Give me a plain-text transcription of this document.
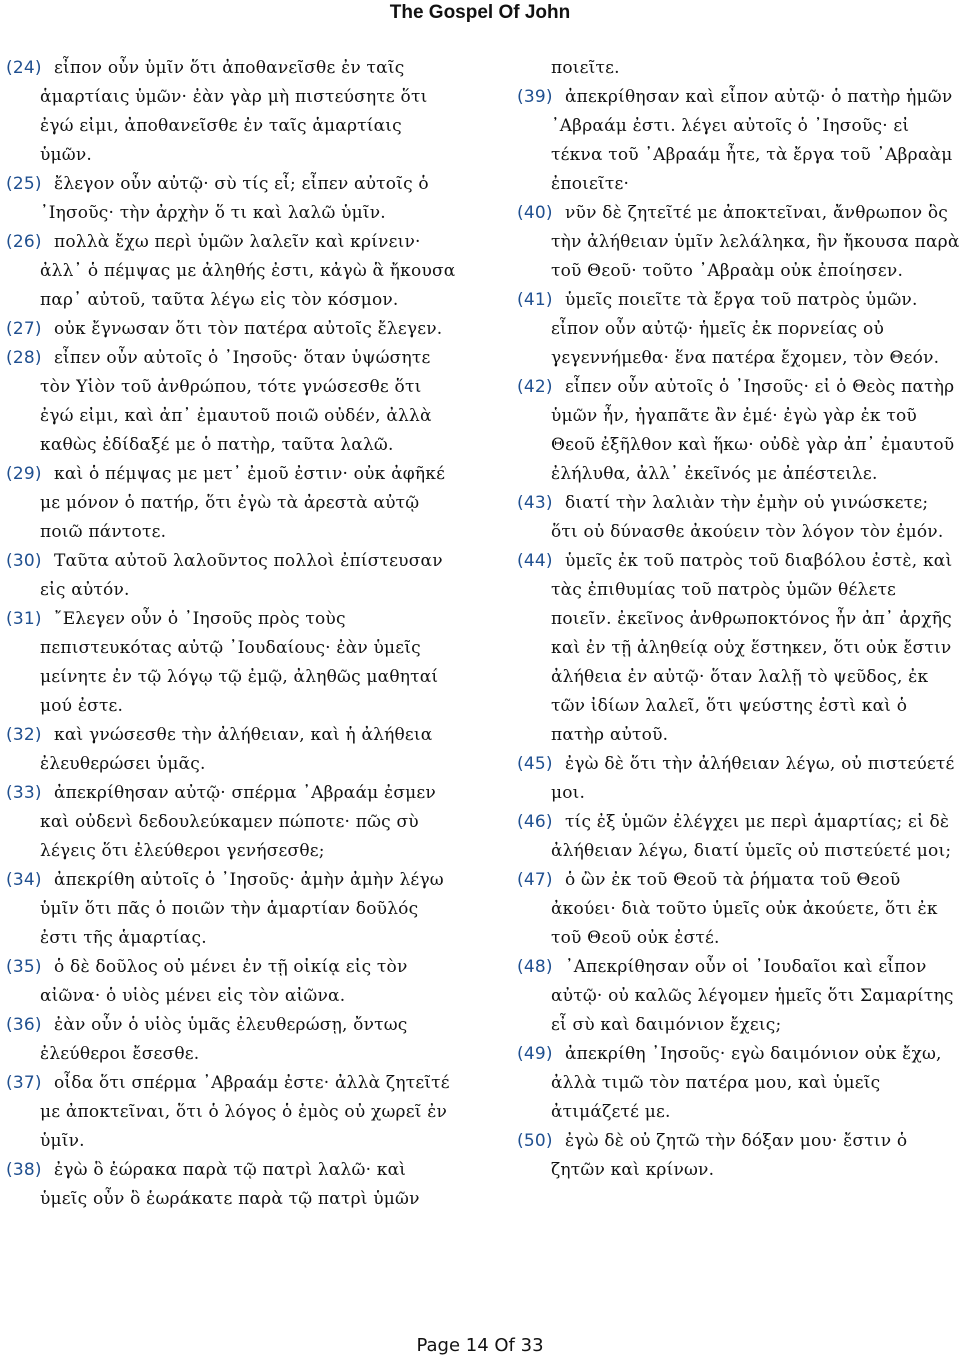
The Gospel Of John
(24) εἶπον οὖν ὑμῖν ὅτι ἀποθανεῖσθε ἐν ταῖς ἁμαρτίαις ὑμῶν· ἐὰν γὰρ μὴ πιστεύσητε ὅτι ἐγώ εἰμι, ἀποθανεῖσθε ἐν ταῖς ἁμαρτίαις ὑμῶν.
(25) ἔλεγον οὖν αὐτῷ· σὺ τίς εἶ; εἶπεν αὐτοῖς ὁ ᾿Ιησοῦς· τὴν ἀρχὴν ὅ τι καὶ λαλῶ ὑμῖν.
(26) πολλὰ ἔχω περὶ ὑμῶν λαλεῖν καὶ κρίνειν· ἀλλ᾿ ὁ πέμψας με ἀληθής ἐστι, κἀγὼ ἃ ἤκουσα παρ᾿ αὐτοῦ, ταῦτα λέγω εἰς τὸν κόσμον.
(27) οὐκ ἔγνωσαν ὅτι τὸν πατέρα αὐτοῖς ἔλεγεν.
(28) εἶπεν οὖν αὐτοῖς ὁ ᾿Ιησοῦς· ὅταν ὑψώσητε τὸν Υἱὸν τοῦ ἀνθρώπου, τότε γνώσεσθε ὅτι ἐγώ εἰμι, καὶ ἀπ᾿ ἐμαυτοῦ ποιῶ οὐδέν, ἀλλὰ καθὼς ἐδίδαξέ με ὁ πατὴρ, ταῦτα λαλῶ.
(29) καὶ ὁ πέμψας με μετ᾿ ἐμοῦ ἐστιν· οὐκ ἀφῆκέ με μόνον ὁ πατήρ, ὅτι ἐγὼ τὰ ἀρεστὰ αὐτῷ ποιῶ πάντοτε.
(30) Ταῦτα αὐτοῦ λαλοῦντος πολλοὶ ἐπίστευσαν εἰς αὐτόν.
(31) ῎Ελεγεν οὖν ὁ ᾿Ιησοῦς πρὸς τοὺς πεπιστευκότας αὐτῷ ᾿Ιουδαίους· ἐὰν ὑμεῖς μείνητε ἐν τῷ λόγῳ τῷ ἐμῷ, ἀληθῶς μαθηταί μού ἐστε.
(32) καὶ γνώσεσθε τὴν ἀλήθειαν, καὶ ἡ ἀλήθεια ἐλευθερώσει ὑμᾶς.
(33) ἀπεκρίθησαν αὐτῷ· σπέρμα ᾿Αβραάμ ἐσμεν καὶ οὐδενὶ δεδουλεύκαμεν πώποτε· πῶς σὺ λέγεις ὅτι ἐλεύθεροι γενήσεσθε;
(34) ἀπεκρίθη αὐτοῖς ὁ ᾿Ιησοῦς· ἀμὴν ἀμὴν λέγω ὑμῖν ὅτι πᾶς ὁ ποιῶν τὴν ἁμαρτίαν δοῦλός ἐστι τῆς ἁμαρτίας.
(35) ὁ δὲ δοῦλος οὐ μένει ἐν τῇ οἰκίᾳ εἰς τὸν αἰῶνα· ὁ υἱὸς μένει εἰς τὸν αἰῶνα.
(36) ἐὰν οὖν ὁ υἱὸς ὑμᾶς ἐλευθερώσῃ, ὄντως ἐλεύθεροι ἔσεσθε.
(37) οἶδα ὅτι σπέρμα ᾿Αβραάμ ἐστε· ἀλλὰ ζητεῖτέ με ἀποκτεῖναι, ὅτι ὁ λόγος ὁ ἐμὸς οὐ χωρεῖ ἐν ὑμῖν.
(38) ἐγὼ ὃ ἑώρακα παρὰ τῷ πατρὶ λαλῶ· καὶ ὑμεῖς οὖν ὃ ἑωράκατε παρὰ τῷ πατρὶ ὑμῶν
ποιεῖτε.
(39) ἀπεκρίθησαν καὶ εἶπον αὐτῷ· ὁ πατὴρ ἡμῶν ᾿Αβραάμ ἐστι. λέγει αὐτοῖς ὁ ᾿Ιησοῦς· εἰ τέκνα τοῦ ᾿Αβραάμ ἦτε, τὰ ἔργα τοῦ ᾿Αβραὰμ ἐποιεῖτε·
(40) νῦν δὲ ζητεῖτέ με ἀποκτεῖναι, ἄνθρωπον ὃς τὴν ἀλήθειαν ὑμῖν λελάληκα, ἣν ἤκουσα παρὰ τοῦ Θεοῦ· τοῦτο ᾿Αβραὰμ οὐκ ἐποίησεν.
(41) ὑμεῖς ποιεῖτε τὰ ἔργα τοῦ πατρὸς ὑμῶν. εἶπον οὖν αὐτῷ· ἡμεῖς ἐκ πορνείας οὐ γεγεννήμεθα· ἕνα πατέρα ἔχομεν, τὸν Θεόν.
(42) εἶπεν οὖν αὐτοῖς ὁ ᾿Ιησοῦς· εἰ ὁ Θεὸς πατὴρ ὑμῶν ἦν, ἠγαπᾶτε ἂν ἐμέ· ἐγὼ γὰρ ἐκ τοῦ Θεοῦ ἐξῆλθον καὶ ἥκω· οὐδὲ γὰρ ἀπ᾿ ἐμαυτοῦ ἐλήλυθα, ἀλλ᾿ ἐκεῖνός με ἀπέστειλε.
(43) διατί τὴν λαλιὰν τὴν ἐμὴν οὐ γινώσκετε; ὅτι οὐ δύνασθε ἀκούειν τὸν λόγον τὸν ἐμόν.
(44) ὑμεῖς ἐκ τοῦ πατρὸς τοῦ διαβόλου ἐστὲ, καὶ τὰς ἐπιθυμίας τοῦ πατρὸς ὑμῶν θέλετε ποιεῖν. ἐκεῖνος ἀνθρωποκτόνος ἦν ἀπ᾿ ἀρχῆς καὶ ἐν τῇ ἀληθείᾳ οὐχ ἕστηκεν, ὅτι οὐκ ἔστιν ἀλήθεια ἐν αὐτῷ· ὅταν λαλῇ τὸ ψεῦδος, ἐκ τῶν ἰδίων λαλεῖ, ὅτι ψεύστης ἐστὶ καὶ ὁ πατὴρ αὐτοῦ.
(45) ἐγὼ δὲ ὅτι τὴν ἀλήθειαν λέγω, οὐ πιστεύετέ μοι.
(46) τίς ἐξ ὑμῶν ἐλέγχει με περὶ ἁμαρτίας; εἰ δὲ ἀλήθειαν λέγω, διατί ὑμεῖς οὐ πιστεύετέ μοι;
(47) ὁ ὢν ἐκ τοῦ Θεοῦ τὰ ῥήματα τοῦ Θεοῦ ἀκούει· διὰ τοῦτο ὑμεῖς οὐκ ἀκούετε, ὅτι ἐκ τοῦ Θεοῦ οὐκ ἐστέ.
(48) ᾿Απεκρίθησαν οὖν οἱ ᾿Ιουδαῖοι καὶ εἶπον αὐτῷ· οὐ καλῶς λέγομεν ἡμεῖς ὅτι Σαμαρίτης εἶ σὺ καὶ δαιμόνιον ἔχεις;
(49) ἀπεκρίθη ᾿Ιησοῦς· εγὼ δαιμόνιον οὐκ ἔχω, ἀλλὰ τιμῶ τὸν πατέρα μου, καὶ ὑμεῖς ἀτιμάζετέ με.
(50) ἐγὼ δὲ οὐ ζητῶ τὴν δόξαν μου· ἔστιν ὁ ζητῶν καὶ κρίνων.
Page 14 Of 33
